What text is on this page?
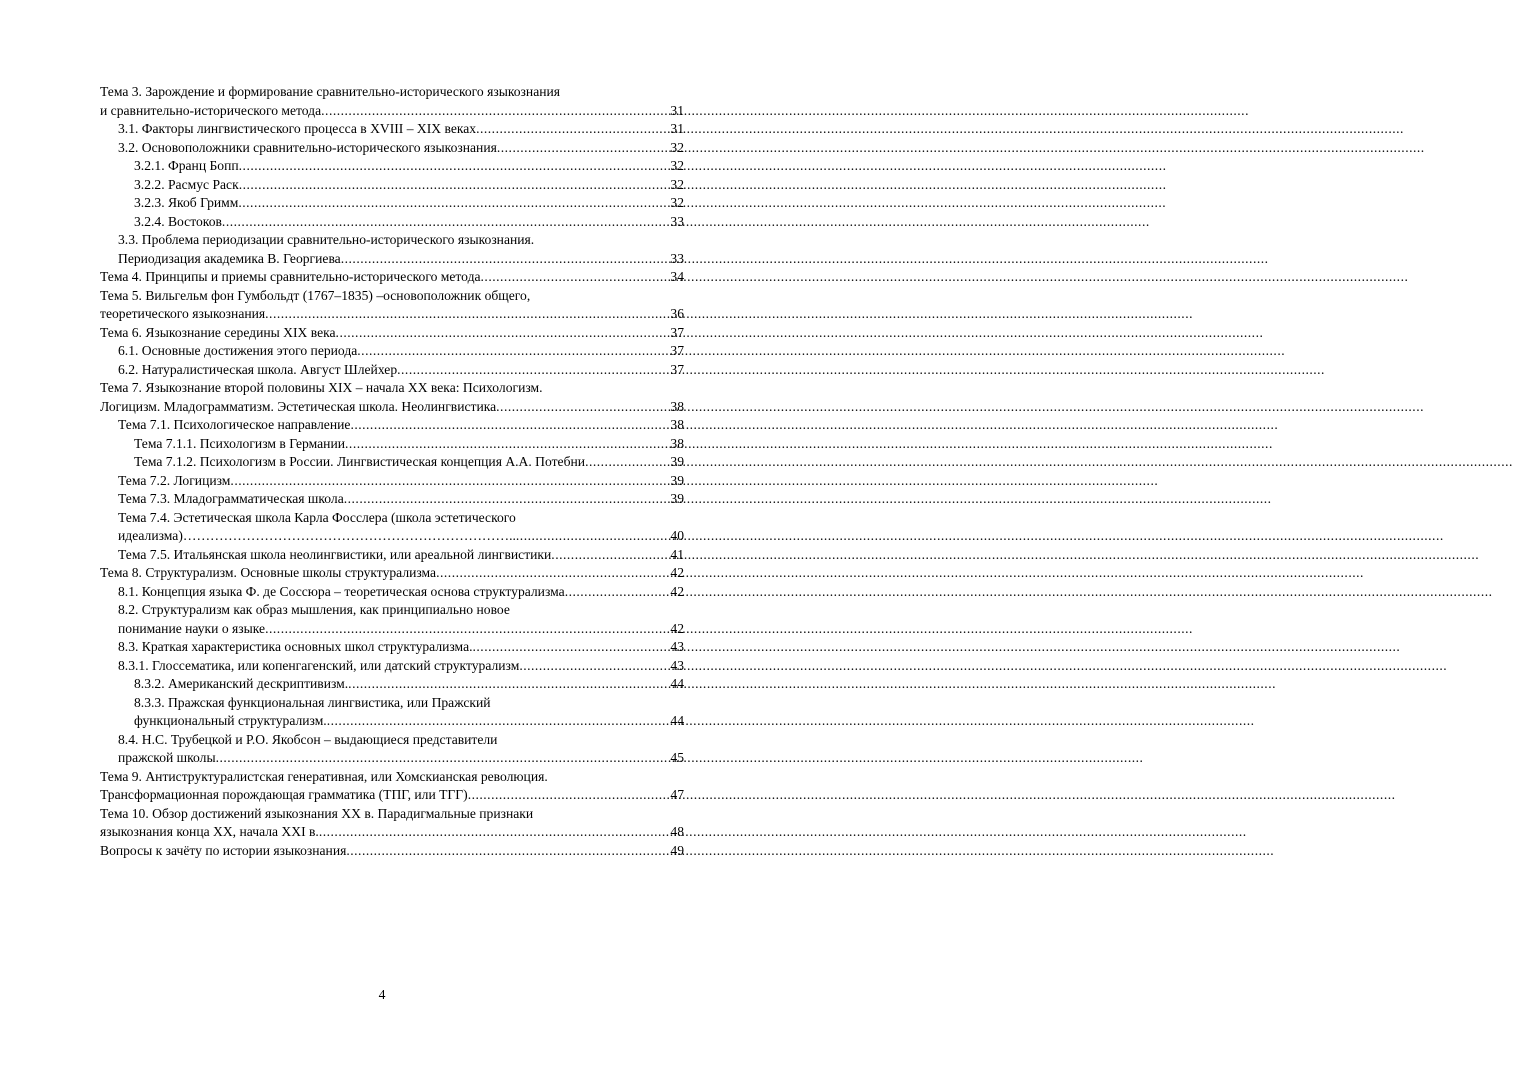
Тема 3. Зарождение и формирование сравнительно-исторического языкознания
и сравнительно-исторического метода .....	31
3.1. Факторы лингвистического процесса в XVIII – XIX веках .....	31
3.2. Основоположники сравнительно-исторического языкознания .....	32
3.2.1. Франц Бопп .....	32
3.2.2. Расмус Раск .....	32
3.2.3. Якоб Гримм .....	32
3.2.4. Востоков .....	33
3.3. Проблема периодизации сравнительно-исторического языкознания.
Периодизация академика В. Георгиева .....	33
Тема 4. Принципы и приемы сравнительно-исторического метода .....	34
Тема 5. Вильгельм фон Гумбольдт (1767–1835) –основоположник общего,
теоретического языкознания .....	36
Тема 6. Языкознание середины XIX века .....	37
6.1. Основные достижения этого периода .....	37
6.2. Натуралистическая школа. Август Шлейхер .....	37
Тема 7. Языкознание второй половины XIX – начала XX века: Психологизм.
Логицизм. Младограмматизм. Эстетическая школа. Неолингвистика .....	38
Тема 7.1. Психологическое направление .....	38
Тема 7.1.1. Психологизм в Германии .....	38
Тема 7.1.2. Психологизм в России. Лингвистическая концепция А.А. Потебни .....	39
Тема 7.2. Логицизм .....	39
Тема 7.3. Младограмматическая школа .....	39
Тема 7.4. Эстетическая школа Карла Фосслера (школа эстетического
идеализма)……………………………………………………………….. .....	40
Тема 7.5. Итальянская школа неолингвистики, или ареальной лингвистики .....	41
Тема 8. Структурализм. Основные школы структурализма .....	42
8.1. Концепция языка Ф. де Соссюра – теоретическая основа структурализма .....	42
8.2. Структурализм как образ мышления, как принципиально новое
понимание науки о языке .....	42
8.3. Краткая характеристика основных школ структурализма. .....	43
8.3.1. Глоссематика, или копенгагенский, или датский структурализм .....	43
8.3.2. Американский дескриптивизм. .....	44
8.3.3. Пражская функциональная лингвистика, или Пражский
функциональный структурализм. .....	44
8.4. Н.С. Трубецкой и Р.О. Якобсон – выдающиеся представители
пражской школы .....	45
Тема 9. Антиструктуралистская генеративная, или Хомскианская революция.
Трансформационная порождающая грамматика (ТПГ, или ТГГ) .....	47
Тема 10. Обзор достижений языкознания XX в. Парадигмальные признаки
языкознания конца XX, начала XXI в. .....	48
Вопросы к зачёту по истории языкознания .....	49
4
